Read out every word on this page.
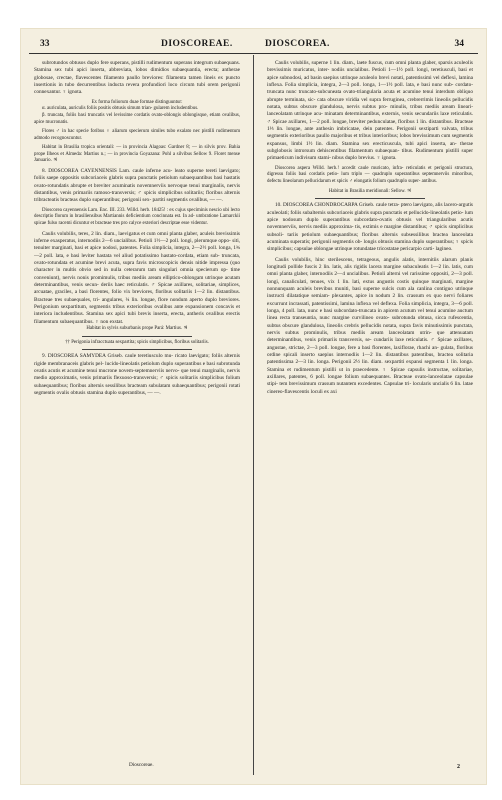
33	DIOSCOREAE.	DIOSCOREA.	34

subrotundos obtusos duplo fere superans, pistilli rudimentum superans integrum subaequans. Stamina sex tubi apici inserta, abbreviata, lobos dimidios subaequantia, erecta; antherae globosae, crectae, flavescentes filamento paullo breviores: filamenta tamen lineis ex puncto insertionis in tubo decurrentibus inducta revera profundiori loco circum tubi orem perigonii connexantur. ♀ ignota.

Ex forma foliorum duae formae distinguuntur:

α. auriculata, auriculis foliis positis obtusis simum trian- gularem includentibus.

β. truncata, foliis basi truncatis vel levissime cordatis ovato-oblongis oblongisque, etiam ovalibus, apice mucronatis.

Flores ♂ in hac specie foribus ♀ aliarum specierum similes tubo exalato nec pistilli rudimentum admodo recognoscuntur.

Habitat in Brasilia tropica orientali: — in provincia Alagoas: Gardner 8; — in silvis prov. Bahia prope Ilheos et Almeda: Martius n.; — in provincia Goyazana: Pohl a silvibus Sellow 9. Floret mense Januario. ♃

8. DIOSCOREA CAYENNENSIS Lam. caule inferne acu- leato superne tereti laevigato; foliis saepe oppositis subcoriaceis glabris supra punctatis petiolum subaequantibus basi hastatis ovato-rotundatis abrupte et breviter acuminatis novemnerviis nervoque tenui marginalis, nervis distantibus, venis primariis ramoso-transversis; ♂ spicis simplicibus solitariis; floribus alternis tribracteatis bracteas duplo superantibus; perigonii sex- partiti segmentis ovalibus, — —.

Dioscorea cayennensis Lam. Enc. III. 233. Willd. herb. 18425! : ex cujus speciminis nescio ubi lecto descriptio florum in brasiliensibus Martiannis deficientium concinnata est. In ad- umbratione Lamarckii spicae fulso racemi dicuntur et bracteae tres pro calyce exteriori descriptae esse videntur.

Caulis volubilis, teres, 2 lin. diam., laevigatus et cum omni planta glaber, aculeis brevissimis inferne exasperatus, internodiis 2—6 uncialibus. Petioli 1½—2 poll. longi, plerumque oppo- siti, tenuiter marginati, basi et apice nodosi, patentes. Folia simplicia, integra, 2—2½ poll. longa, 1¾—2 poll. lata, e basi leviter hastata vel aliud potatissimo hastato-cordata, etiam sub- truncata, ovato-rotundata et acumine brevi acuta, supra favis microscopicis densis nitide impressa (quo character in multis obvio sed in nulla ceterarum tam singulari omnia specierum op- time conveniunt), nervis nonis promimulis, tribus mediis aream elliptico-oblongam utrinque acutam determinantibus, venis secun- deriis haec reticulatis. ♂ Spicae axillares, solitariae, simplices, arcuatae, graciles, a basi florentes, folio vix breviores, floribus solitariis 1—2 lin. distantibus. Bracteae tres subaequales, tri- angulares, ¼ lin. longae, flore nondum aperto duplo breviores. Perigonium sexpartitum, segmentis tribus exterioribus ovalibus ante expansionem concavis et interiora includentibus. Stamina sex apici tubi brevis inserta, erecta, antheris ovalibus erectis filamentum subaequantibus. ♀ non exstat.

Habitat in sylvis suburbanis prope Pará: Martius. ♃

†† Perigonia infracctuata sexpartita; spicis simplicibus, floribus solitariis.

9. DIOSCOREA SAMYDEA Griseb. caule teretiusculo mu- ricato laevigato; foliis alternis rigide membranaceis glabris pel- lucido-lineolatis petiolum duplo superantibus e basi subrotunda ovatis acutis et acumine tenui mucrone novem-septemnerviis nervo- que tenui marginalis, nervis medio approximatis, venis primariis flexuoso-transversis; ♂ spicis solitariis simplicibus folium subaequantibus; floribus alternis sessilibus bracteam subulatam subaequantibus; perigonii rotati segmentis ovalis obtusis stamina duplo superantibus, — —.

Caulis volubilis, superne 1 lin. diam., laete fuscus, cum omni planta glaber, sparsis aculeolis brevissimis muricatus, inter- nodiis uncialibus. Petioli 1—1½ poll. longi, teretiusculi, basi et apice subnodosi, ad basin saepius utrinque aculeolo brevi notati, patentissimi vel deflexi, lamina inflexa. Folia simplicia, integra, 2—3 poll. longa, 1—1½ poll. lata, e basi nunc sub- cordato-truncata nunc truncato-subcuneata ovato-triangularia acuta et acumine tenui interdum obliquo abrupte terminata, sic- cata obscure viridia vel supra ferruginea, crebrerrimis lineolis pellucidis notata, subtus obscure glandulosa, nervis subtus pro- minulis, tribus mediis aream lineari-lanceolatam utrinque acu- minatam determinantibus, externis, venis secundariis laxe reticulatis. ♂ Spicae axillares, 1—2 poll. longae, breviter pedunculatae, floribus 1 lin. distantibus. Bracteae 1⅓ lin. longae, ante anthesin imbricatae, dein patentes. Perigonii sextiparti valvata, tribus segmentis exterioribus paullo majoribus et tribus interioribus; lobos brevissimum cum segmentis expansus, limbi 1½ lin. diam. Stamina sex erecticuscula, tubi apici inserta, an- therae subglobosis introrsum dehiscentibus filamentum subaequan- tibus. Rudimentum pistilli super primaeticum indivisum stami- nibus duplo brevius. ♀ ignota.

Dioscorea aspera Willd. herb.! accedit caule muricato, infra- reticulatis et perigonii structura, digressu foliis basi cordatis petio- lum triplo — quadruplo superantibus septemnerviis minoribus, defectu lineolarum pellucidarum et spicis ♂ elongatis folium quadruplo super- antibus.

Habitat in Brasilia meridionali: Sellow. ♃

10. DIOSCOREA CHONDROCARPA Griseb. caule tetra- ptero laevigato, alis lacero-argutis aculeolati; foliis subalternis subcoriaceis glabris supra punctatis et pellucido-lineolatis petio- lum apice nodosum duplo superantibus subcordato-ovatis obtusis vel triangularibus acutis novemnerviis, nervis mediis approxima- tis, extimis e margine distantibus; ♂ spicis simplicibus subsoli- tariis petiolum subaequantibus; floribus alternis subsessilibus bractea lanceolata acuminata superatis; perigonii segmentis ob- longis obtusis stamina duplo superantibus; ♀ spicis simplicibus; capsulae oblongae utrinque rotundatae tricostatae pericarpio carti- lagineo.

Caulis volubilis, hinc sterilescens, tetrageous, angulis alatis, internitiis alarum planis longitudi pollide fuscis 2 lin. latis, alis rigidis lacera margine subaculeatis 1—2 lin. latis, cum omni planta glaber, internodiis 2—4 uncialibus. Petioli alterni vel rarissime oppositi, 2—3 poll. longi, canaliculati, tenues, vix 1 lin. lati, extus angustis costis quinque marginati, margine nonnunquam aculeis brevibus muniti, basi superne sulcis cum ala canlina contiguo utrinque instructi dilatatique semiam- plexantes, apice in nodum 2 lin. crassum ex quo nervi foliares excurrunt incrassati, patentissimi, lamina inflexa vel deflexa. Folia simplicia, integra, 3—6 poll. longa, 4 poll. lata, nunc e basi subcordato-truncata in apicem acutum vel tenui acumine auctum linea recta transeuntia, nunc margine curvilineo ovato- subrotunda obtusa, sicca rufescentia, subtus obscure glandulosa, lineolis crebris pellucidis notata, supra favis minutissimis punctata, nervis subtus prominulis, tribus mediis aream lanceolatam utrin- que attenuatam determinantibus, venis primariis transversis, se- cundariis laxe reticulatis. ♂ Spicae axillares, angustae, strictae, 2—3 poll. longae, fere a basi florentes, laxiflorae, rhachi an- gulata, floribus ordine spicali inserto saepius internodiis 1—2 lin. distantibus patentibus, bractea solitaria patentissima 2—3 lin. longa. Perigonii 2½ lin. diam. sexpartiti expansi segmenta 1 lin. longa. Stamina et rudimentum pistilli ut in praecedente. ♀ Spicae capsulis instructae, solitariae, axillares, patentes, 6 poll. longae folium subaequantes. Bracteae ovato-lanceolatae capsulae stipi- tem brevissimum crassum nutantem excedentes. Capsulae tri- locularis uncialis 6 lin. latae cinereo-flavescentis loculi ex axi

Dioscoreae.	2
